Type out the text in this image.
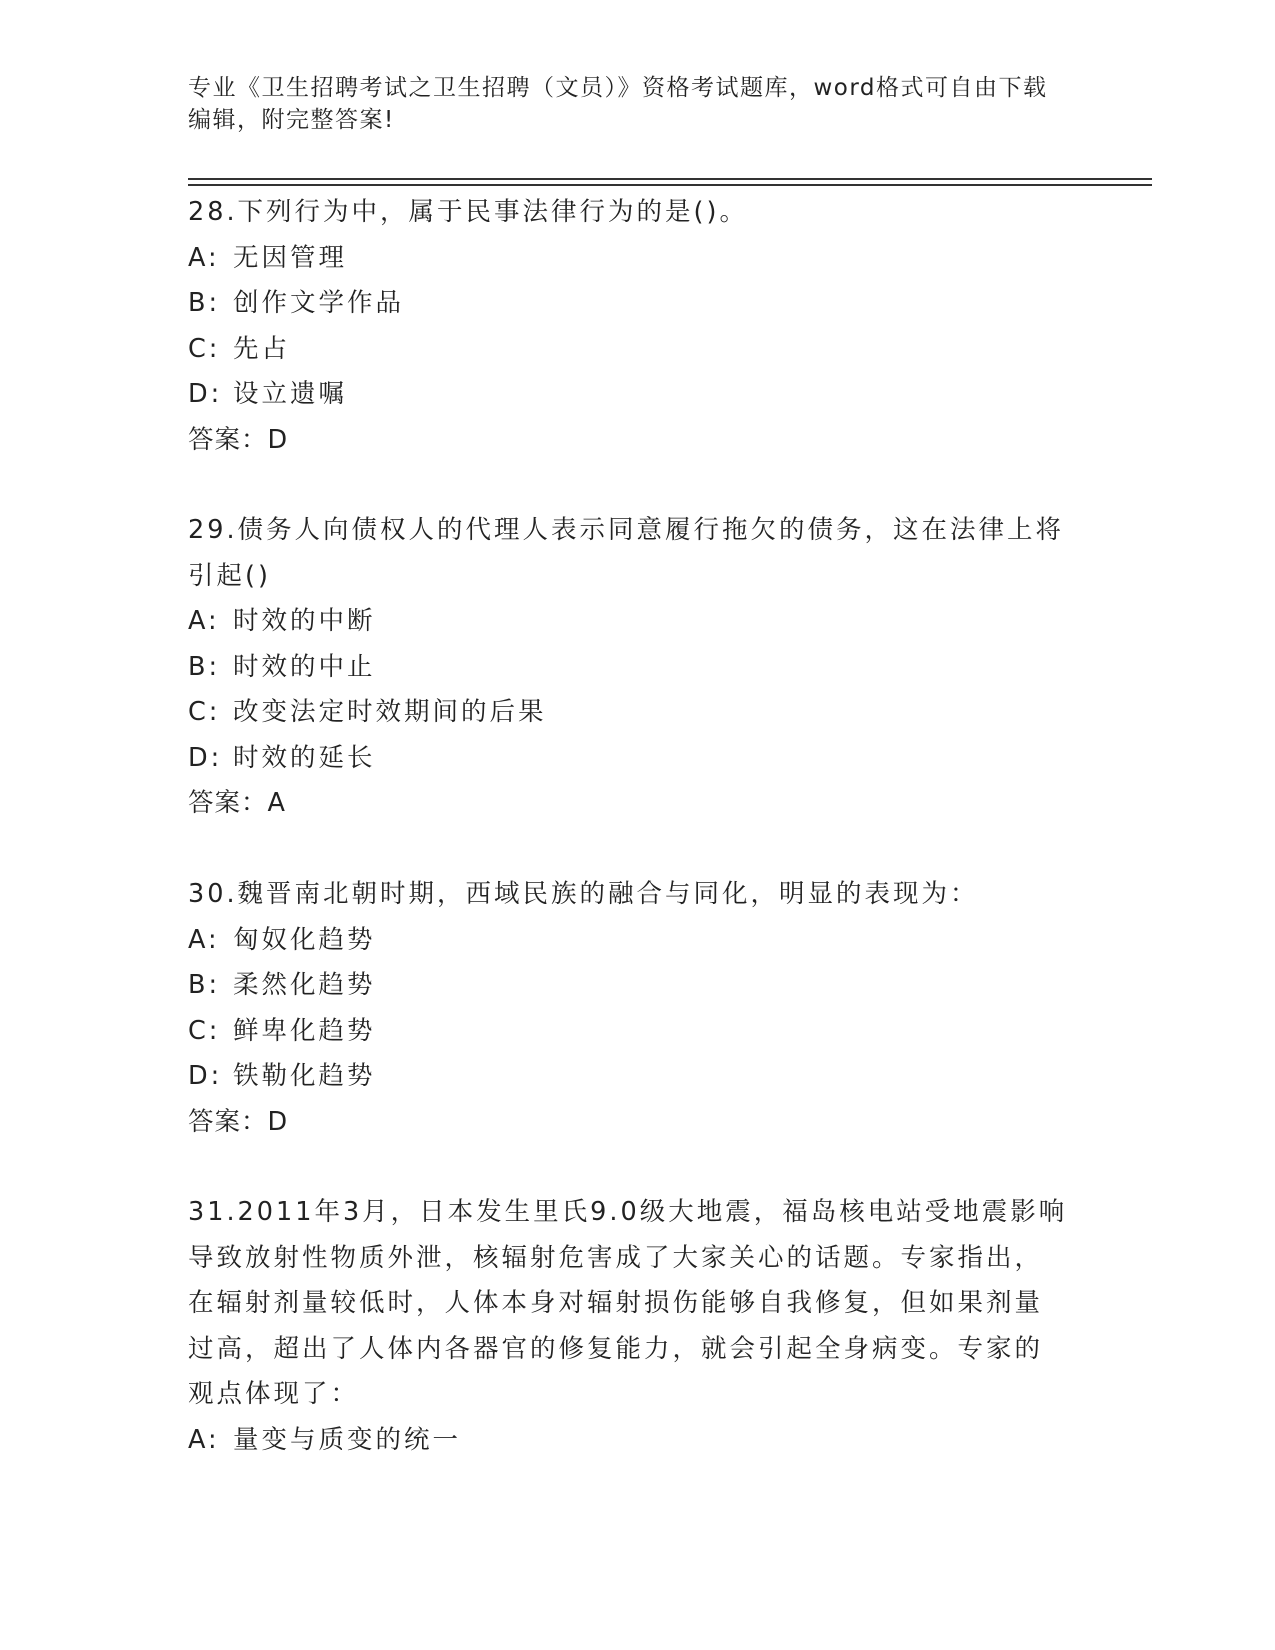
专业《卫生招聘考试之卫生招聘（文员）》资格考试题库，word格式可自由下载
编辑，附完整答案!
28.下列行为中，属于民事法律行为的是()。
A: 无因管理
B: 创作文学作品
C: 先占
D: 设立遗嘱
答案：D
29.债务人向债权人的代理人表示同意履行拖欠的债务，这在法律上将
引起()
A: 时效的中断
B: 时效的中止
C: 改变法定时效期间的后果
D: 时效的延长
答案：A
30.魏晋南北朝时期，西域民族的融合与同化，明显的表现为：
A: 匈奴化趋势
B: 柔然化趋势
C: 鲜卑化趋势
D: 铁勒化趋势
答案：D
31.2011年3月，日本发生里氏9.0级大地震，福岛核电站受地震影响
导致放射性物质外泄，核辐射危害成了大家关心的话题。专家指出，
在辐射剂量较低时，人体本身对辐射损伤能够自我修复，但如果剂量
过高，超出了人体内各器官的修复能力，就会引起全身病变。专家的
观点体现了：
A: 量变与质变的统一
